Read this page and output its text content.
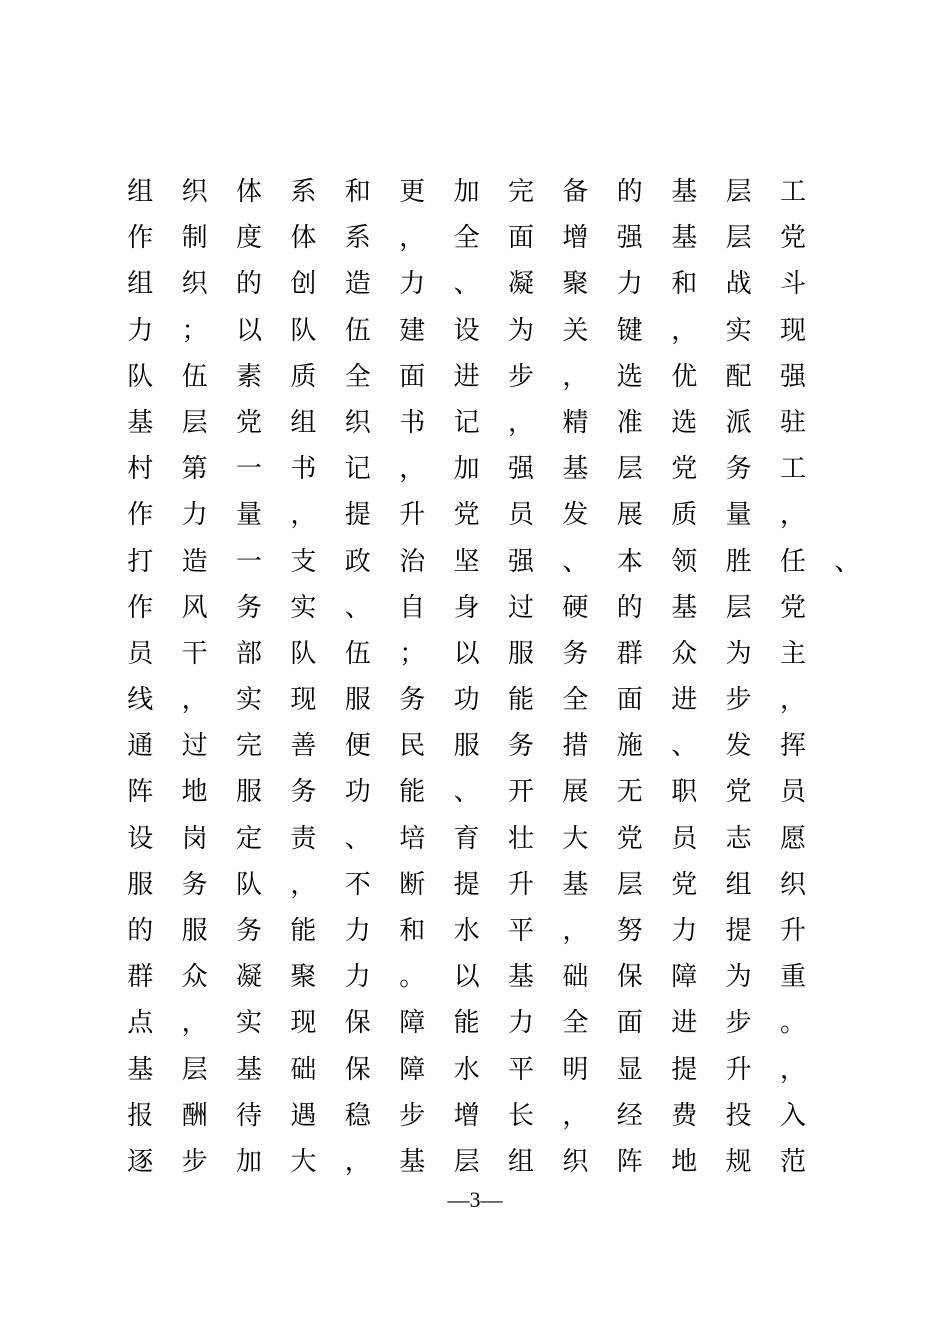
组	织	体	系	和	更	加	完	备	的	基	层	工
作	制	度	体	系	，	全	面	增	强	基	层	党
组	织	的	创	造	力	、	凝	聚	力	和	战	斗
力	；	以	队	伍	建	设	为	关	键	，	实	现
队	伍	素	质	全	面	进	步	，	选	优	配	强
基	层	党	组	织	书	记	，	精	准	选	派	驻
村	第	一	书	记	，	加	强	基	层	党	务	工
作	力	量	，	提	升	党	员	发	展	质	量	，
打	造	一	支	政	治	坚	强	、	本	领	胜	任	、
作	风	务	实	、	自	身	过	硬	的	基	层	党
员	干	部	队	伍	；	以	服	务	群	众	为	主
线	，	实	现	服	务	功	能	全	面	进	步	，
通	过	完	善	便	民	服	务	措	施	、	发	挥
阵	地	服	务	功	能	、	开	展	无	职	党	员
设	岗	定	责	、	培	育	壮	大	党	员	志	愿
服	务	队	，	不	断	提	升	基	层	党	组	织
的	服	务	能	力	和	水	平	，	努	力	提	升
群	众	凝	聚	力	。	以	基	础	保	障	为	重
点	，	实	现	保	障	能	力	全	面	进	步	。
基	层	基	础	保	障	水	平	明	显	提	升	，
报	酬	待	遇	稳	步	增	长	，	经	费	投	入
逐	步	加	大	，	基	层	组	织	阵	地	规	范
—3—
